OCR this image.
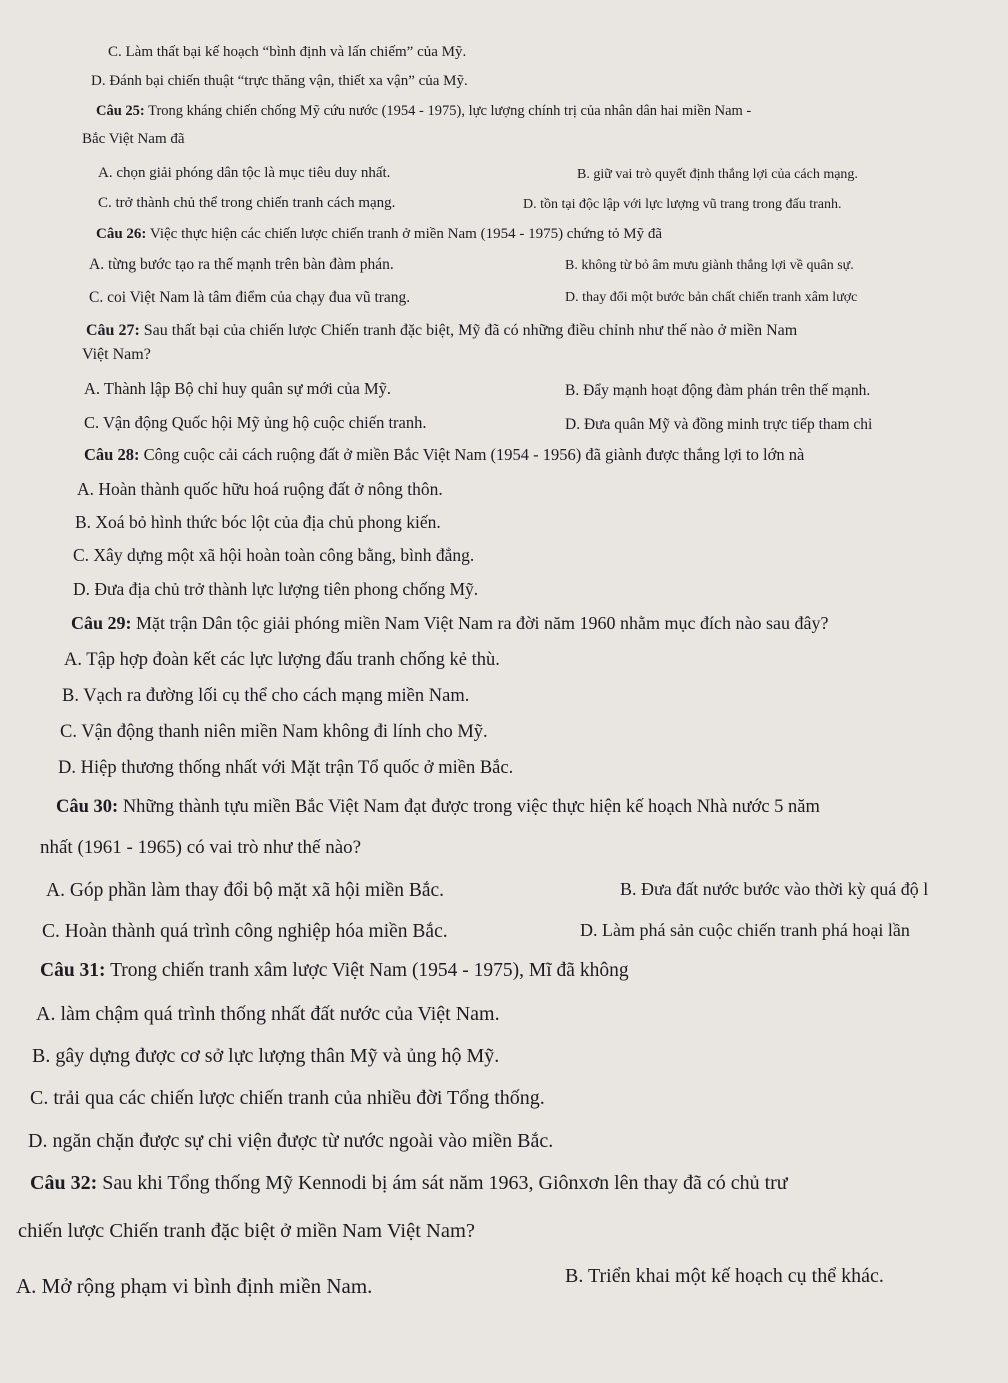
C. Làm thất bại kế hoạch “bình định và lấn chiếm” của Mỹ.
D. Đánh bại chiến thuật “trực thăng vận, thiết xa vận” của Mỹ.
Câu 25: Trong kháng chiến chống Mỹ cứu nước (1954 - 1975), lực lượng chính trị của nhân dân hai miền Nam -
Bắc Việt Nam đã
A. chọn giải phóng dân tộc là mục tiêu duy nhất.	B. giữ vai trò quyết định thắng lợi của cách mạng.
C. trở thành chủ thể trong chiến tranh cách mạng.	D. tồn tại độc lập với lực lượng vũ trang trong đấu tranh.
Câu 26: Việc thực hiện các chiến lược chiến tranh ở miền Nam (1954 - 1975) chứng tỏ Mỹ đã
A. từng bước tạo ra thế mạnh trên bàn đàm phán.	B. không từ bỏ âm mưu giành thắng lợi về quân sự.
C. coi Việt Nam là tâm điểm của chạy đua vũ trang.	D. thay đổi một bước bản chất chiến tranh xâm lược
Câu 27: Sau thất bại của chiến lược Chiến tranh đặc biệt, Mỹ đã có những điều chỉnh như thế nào ở miền Nam
Việt Nam?
A. Thành lập Bộ chỉ huy quân sự mới của Mỹ.	B. Đẩy mạnh hoạt động đàm phán trên thế mạnh.
C. Vận động Quốc hội Mỹ ủng hộ cuộc chiến tranh.	D. Đưa quân Mỹ và đồng minh trực tiếp tham chi
Câu 28: Công cuộc cải cách ruộng đất ở miền Bắc Việt Nam (1954 - 1956) đã giành được thắng lợi to lớn nà
A. Hoàn thành quốc hữu hoá ruộng đất ở nông thôn.
B. Xoá bỏ hình thức bóc lột của địa chủ phong kiến.
C. Xây dựng một xã hội hoàn toàn công bằng, bình đẳng.
D. Đưa địa chủ trở thành lực lượng tiên phong chống Mỹ.
Câu 29: Mặt trận Dân tộc giải phóng miền Nam Việt Nam ra đời năm 1960 nhằm mục đích nào sau đây?
A. Tập hợp đoàn kết các lực lượng đấu tranh chống kẻ thù.
B. Vạch ra đường lối cụ thể cho cách mạng miền Nam.
C. Vận động thanh niên miền Nam không đi lính cho Mỹ.
D. Hiệp thương thống nhất với Mặt trận Tổ quốc ở miền Bắc.
Câu 30: Những thành tựu miền Bắc Việt Nam đạt được trong việc thực hiện kế hoạch Nhà nước 5 năm
nhất (1961 - 1965) có vai trò như thế nào?
A. Góp phần làm thay đổi bộ mặt xã hội miền Bắc.	B. Đưa đất nước bước vào thời kỳ quá độ l
C. Hoàn thành quá trình công nghiệp hóa miền Bắc.	D. Làm phá sản cuộc chiến tranh phá hoại lần
Câu 31: Trong chiến tranh xâm lược Việt Nam (1954 - 1975), Mĩ đã không
A. làm chậm quá trình thống nhất đất nước của Việt Nam.
B. gây dựng được cơ sở lực lượng thân Mỹ và ủng hộ Mỹ.
C. trải qua các chiến lược chiến tranh của nhiều đời Tổng thống.
D. ngăn chặn được sự chi viện được từ nước ngoài vào miền Bắc.
Câu 32: Sau khi Tổng thống Mỹ Kennodi bị ám sát năm 1963, Giônxơn lên thay đã có chủ trư
chiến lược Chiến tranh đặc biệt ở miền Nam Việt Nam?
A. Mở rộng phạm vi bình định miền Nam.	B. Triển khai một kế hoạch cụ thể khác.
